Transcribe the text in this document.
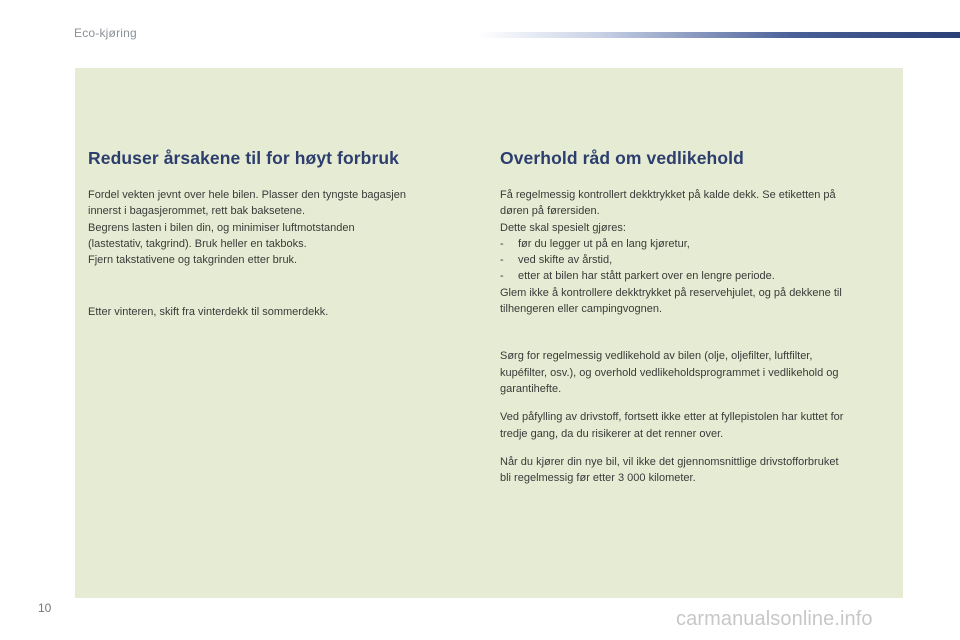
Eco-kjøring
Reduser årsakene til for høyt forbruk

Fordel vekten jevnt over hele bilen. Plasser den tyngste bagasjen
innerst i bagasjerommet, rett bak baksetene.
Begrens lasten i bilen din, og minimiser luftmotstanden
(lastestativ, takgrind). Bruk heller en takboks.
Fjern takstativene og takgrinden etter bruk.

Etter vinteren, skift fra vinterdekk til sommerdekk.

Overhold råd om vedlikehold

Få regelmessig kontrollert dekktrykket på kalde dekk. Se etiketten på
døren på førersiden.
Dette skal spesielt gjøres:
- før du legger ut på en lang kjøretur,
- ved skifte av årstid,
- etter at bilen har stått parkert over en lengre periode.
Glem ikke å kontrollere dekktrykket på reservehjulet, og på dekkene til
tilhengeren eller campingvognen.

Sørg for regelmessig vedlikehold av bilen (olje, oljefilter, luftfilter,
kupéfilter, osv.), og overhold vedlikeholdsprogrammet i vedlikehold og
garantihefte.

Ved påfylling av drivstoff, fortsett ikke etter at fyllepistolen har kuttet for
tredje gang, da du risikerer at det renner over.

Når du kjører din nye bil, vil ikke det gjennomsnittlige drivstofforbruket
bli regelmessig før etter 3 000 kilometer.

10	carmanualsonline.info
